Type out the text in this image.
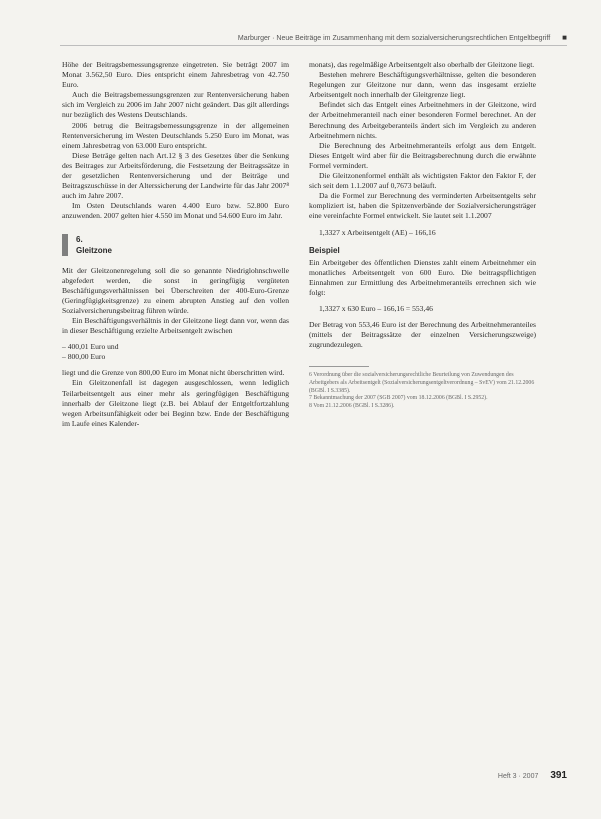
Marburger · Neue Beiträge im Zusammenhang mit dem sozialversicherungsrechtlichen Entgeltbegriff ■

Höhe der Beitragsbemessungsgrenze eingetreten. Sie beträgt 2007 im Monat 3.562,50 Euro. Dies entspricht einem Jahresbetrag von 42.750 Euro.

Auch die Beitragsbemessungsgrenzen zur Rentenversicherung haben sich im Vergleich zu 2006 im Jahr 2007 nicht geändert. Das gilt allerdings nur bezüglich des Westens Deutschlands.

2006 betrug die Beitragsbemessungsgrenze in der allgemeinen Rentenversicherung im Westen Deutschlands 5.250 Euro im Monat, was einem Jahresbetrag von 63.000 Euro entspricht.

Diese Beträge gelten nach Art.12 § 3 des Gesetzes über die Senkung des Beitrages zur Arbeitsförderung, die Festsetzung der Beitragssätze in der gesetzlichen Rentenversicherung und der Beiträge und Beitragszuschüsse in der Alterssicherung der Landwirte für das Jahr 2007⁸ auch im Jahre 2007.

Im Osten Deutschlands waren 4.400 Euro bzw. 52.800 Euro anzuwenden. 2007 gelten hier 4.550 im Monat und 54.600 Euro im Jahr.

6.
Gleitzone

Mit der Gleitzonenregelung soll die so genannte Niedriglohnschwelle abgefedert werden, die sonst in geringfügig vergüteten Beschäftigungsverhältnissen bei Überschreiten der 400-Euro-Grenze (Geringfügigkeitsgrenze) zu einem abrupten Anstieg auf den vollen Sozialversicherungsbeitrag führen würde.

Ein Beschäftigungsverhältnis in der Gleitzone liegt dann vor, wenn das in dieser Beschäftigung erzielte Arbeitsentgelt zwischen

– 400,01 Euro und
– 800,00 Euro

liegt und die Grenze von 800,00 Euro im Monat nicht überschritten wird.

Ein Gleitzonenfall ist dagegen ausgeschlossen, wenn lediglich Teilarbeitsentgelt aus einer mehr als geringfügigen Beschäftigung innerhalb der Gleitzone liegt (z.B. bei Ablauf der Entgeltfortzahlung wegen Arbeitsunfähigkeit oder bei Beginn bzw. Ende der Beschäftigung im Laufe eines Kalender-

monats), das regelmäßige Arbeitsentgelt also oberhalb der Gleitzone liegt.

Bestehen mehrere Beschäftigungsverhältnisse, gelten die besonderen Regelungen zur Gleitzone nur dann, wenn das insgesamt erzielte Arbeitsentgelt noch innerhalb der Gleitgrenze liegt.

Befindet sich das Entgelt eines Arbeitnehmers in der Gleitzone, wird der Arbeitnehmeranteil nach einer besonderen Formel berechnet. An der Berechnung des Arbeitgeberanteils ändert sich im Vergleich zu anderen Arbeitnehmern nichts.

Die Berechnung des Arbeitnehmeranteils erfolgt aus dem Entgelt. Dieses Entgelt wird aber für die Beitragsberechnung durch die erwähnte Formel vermindert.

Die Gleitzonenformel enthält als wichtigsten Faktor den Faktor F, der sich seit dem 1.1.2007 auf 0,7673 beläuft.

Da die Formel zur Berechnung des verminderten Arbeitsentgelts sehr kompliziert ist, haben die Spitzenverbände der Sozialversicherungsträger eine vereinfachte Formel entwickelt. Sie lautet seit 1.1.2007

1,3327 x Arbeitsentgelt (AE) – 166,16
Beispiel

Ein Arbeitgeber des öffentlichen Dienstes zahlt einem Arbeitnehmer ein monatliches Arbeitsentgelt von 600 Euro. Die beitragspflichtigen Einnahmen zur Ermittlung des Arbeitnehmeranteils errechnen sich wie folgt:

1,3327 x 630 Euro – 166,16 = 553,46

Der Betrag von 553,46 Euro ist der Berechnung des Arbeitnehmeranteiles (mittels der Beitragssätze der einzelnen Versicherungszweige) zugrundezulegen.

6 Verordnung über die sozialversicherungsrechtliche Beurteilung von Zuwendungen des Arbeitgebers als Arbeitsentgelt (Sozialversicherungsentgeltverordnung – SvEV) vom 21.12.2006 (BGBl. I S.3385).

7 Bekanntmachung der 2007 (SGB 2007) vom 18.12.2006 (BGBl. I S.2952).

8 Vom 21.12.2006 (BGBl. I S.3286).

Heft 3 · 2007 391
